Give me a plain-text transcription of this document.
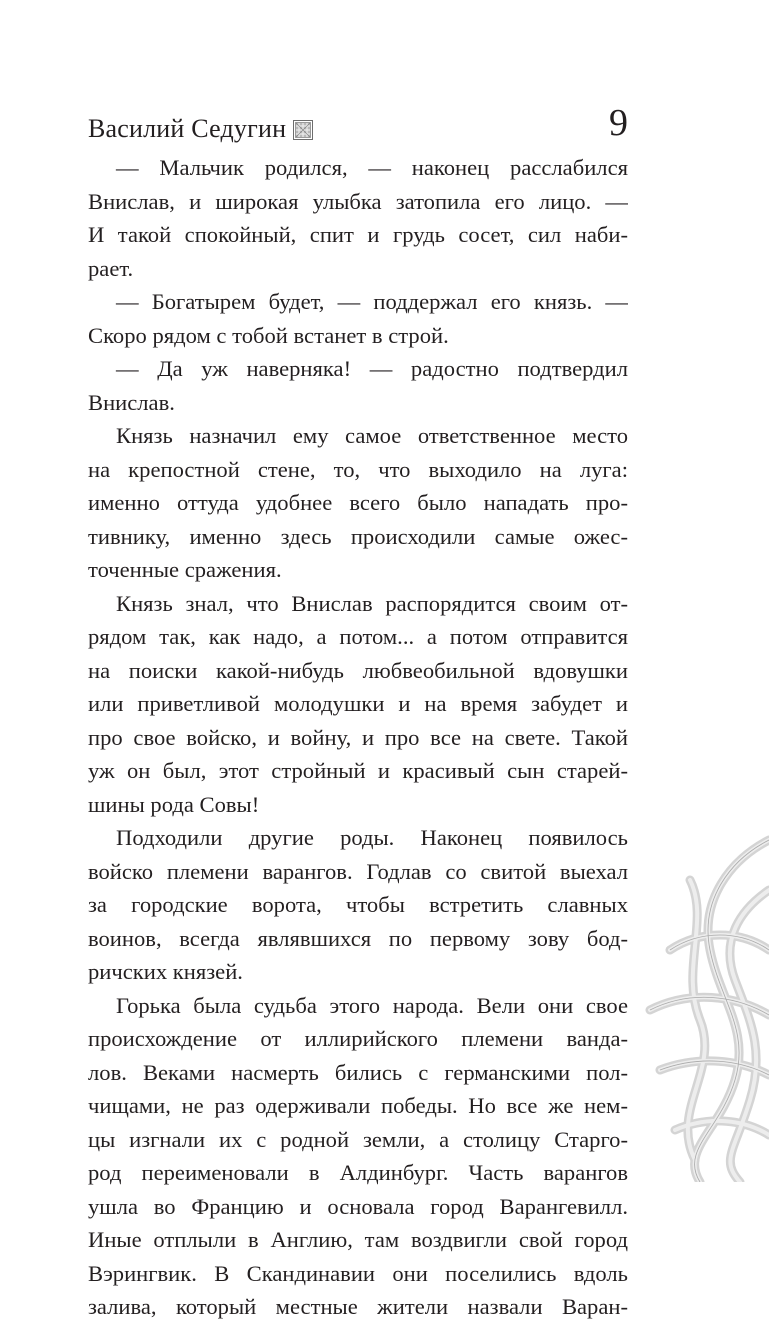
Василий Седугин	9
— Мальчик родился, — наконец расслабился
Вниcлав, и широкая улыбка затопила его лицо. —
И такой спокойный, спит и грудь сосет, сил наби-
рает.
— Богатырем будет, — поддержал его князь. —
Скоро рядом с тобой встанет в строй.
— Да уж наверняка! — радостно подтвердил
Вниcлав.
Князь назначил ему самое ответственное место
на крепостной стене, то, что выходило на луга:
именно оттуда удобнее всего было нападать про-
тивнику, именно здесь происходили самые ожес-
точенные сражения.
Князь знал, что Вниcлав распорядится своим от-
рядом так, как надо, а потом... а потом отправится
на поиски какой-нибудь любвеобильной вдовушки
или приветливой молодушки и на время забудет и
про свое войско, и войну, и про все на свете. Такой
уж он был, этот стройный и красивый сын старей-
шины рода Совы!
Подходили другие роды. Наконец появилось
войско племени варангов. Годлав со свитой выехал
за городские ворота, чтобы встретить славных
воинов, всегда являвшихся по первому зову бод-
ричских князей.
Горька была судьба этого народа. Вели они свое
происхождение от иллирийского племени ванда-
лов. Веками насмерть бились с германскими пол-
чищами, не раз одерживали победы. Но все же нем-
цы изгнали их с родной земли, а столицу Старго-
род переименовали в Алдинбург. Часть варангов
ушла во Францию и основала город Варангевилл.
Иные отплыли в Англию, там воздвигли свой город
Вэрингвик. В Скандинавии они поселились вдоль
залива, который местные жители назвали Варан-
